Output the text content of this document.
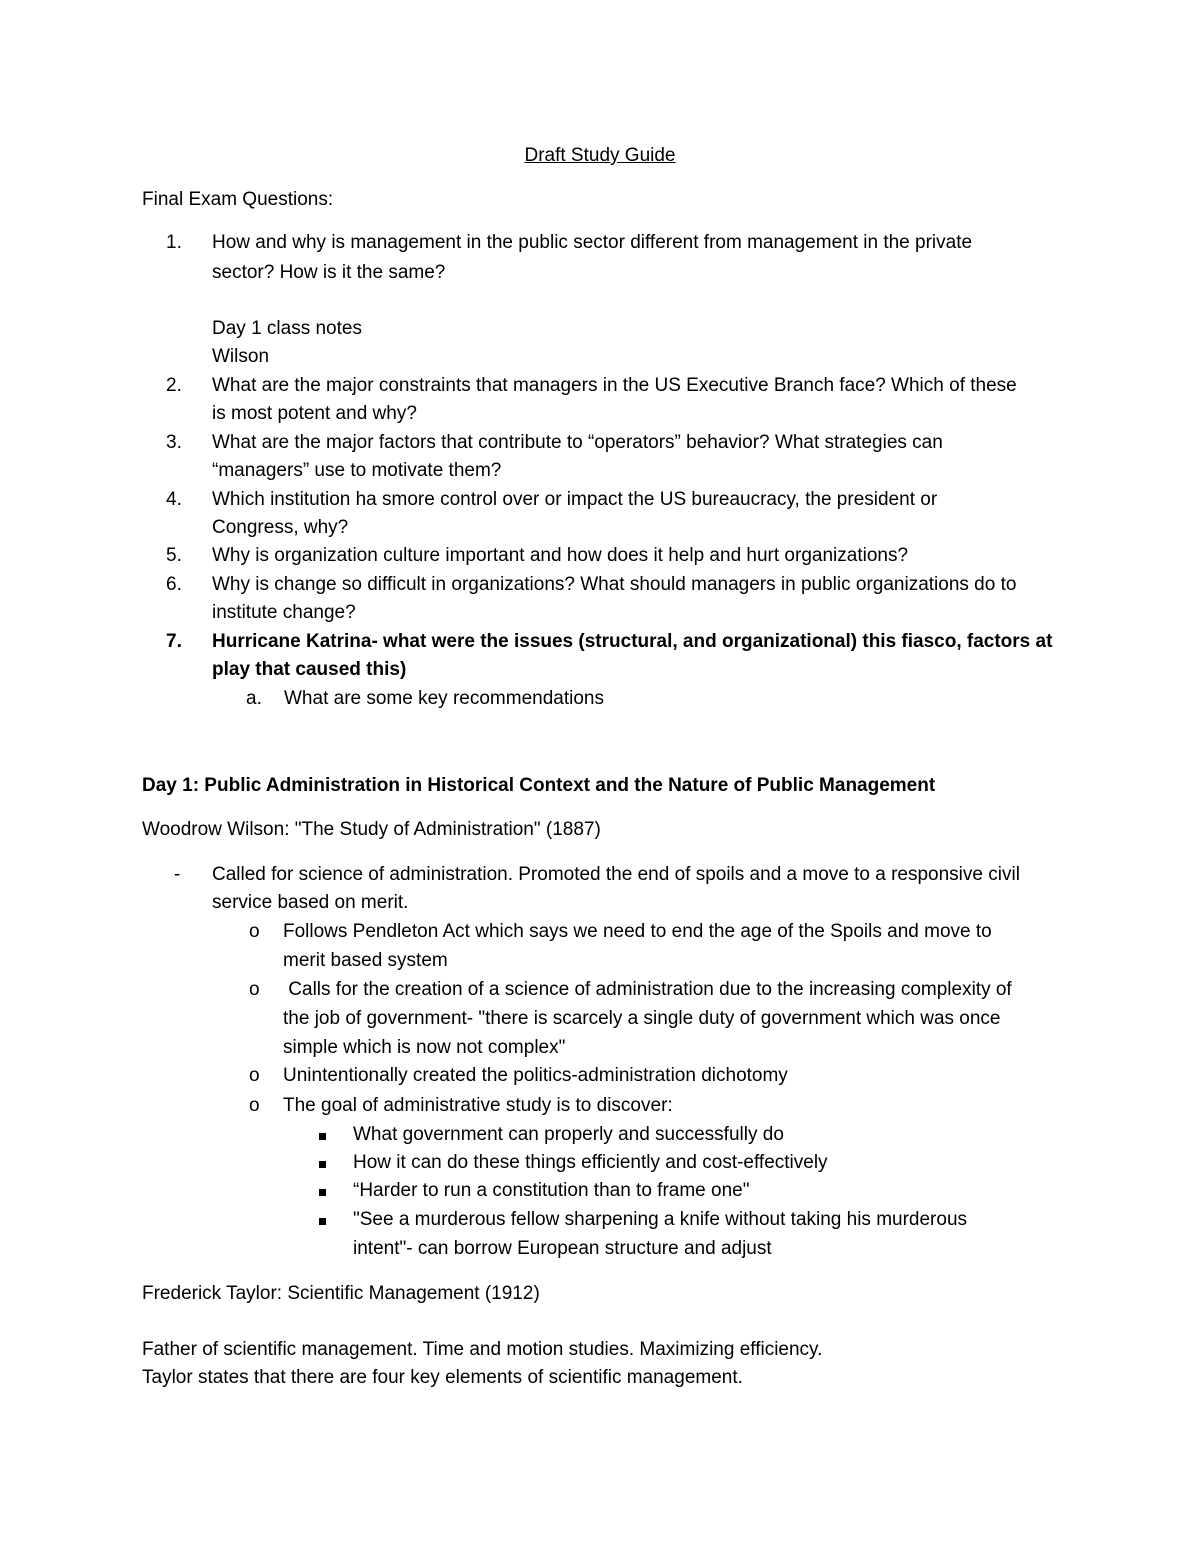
Draft Study Guide
Final Exam Questions:
1. How and why is management in the public sector different from management in the private
sector? How is it the same?
Day 1 class notes
Wilson
2. What are the major constraints that managers in the US Executive Branch face? Which of these
is most potent and why?
3. What are the major factors that contribute to “operators” behavior? What strategies can
“managers” use to motivate them?
4. Which institution ha smore control over or impact the US bureaucracy, the president or
Congress, why?
5. Why is organization culture important and how does it help and hurt organizations?
6. Why is change so difficult in organizations? What should managers in public organizations do to
institute change?
7. Hurricane Katrina- what were the issues (structural, and organizational) this fiasco, factors at
play that caused this)
a. What are some key recommendations
Day 1: Public Administration in Historical Context and the Nature of Public Management
Woodrow Wilson: "The Study of Administration" (1887)
- Called for science of administration. Promoted the end of spoils and a move to a responsive civil
service based on merit.
o Follows Pendleton Act which says we need to end the age of the Spoils and move to
merit based system
o Calls for the creation of a science of administration due to the increasing complexity of
the job of government- "there is scarcely a single duty of government which was once
simple which is now not complex"
o Unintentionally created the politics-administration dichotomy
o The goal of administrative study is to discover:
What government can properly and successfully do
How it can do these things efficiently and cost-effectively
“Harder to run a constitution than to frame one"
"See a murderous fellow sharpening a knife without taking his murderous
intent"- can borrow European structure and adjust
Frederick Taylor: Scientific Management (1912)
Father of scientific management. Time and motion studies. Maximizing efficiency.
Taylor states that there are four key elements of scientific management.
